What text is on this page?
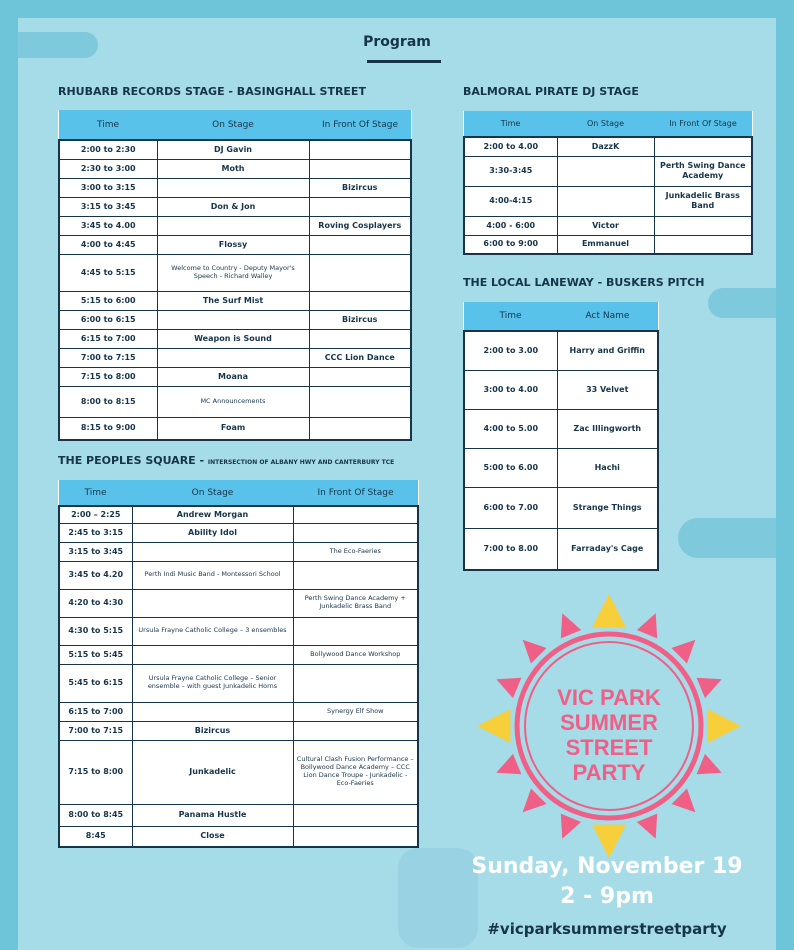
Program
RHUBARB RECORDS STAGE - BASINGHALL STREET
Time	On Stage	In Front Of Stage
2:00 to 2:30	DJ Gavin	
2:30 to 3:00	Moth	
3:00 to 3:15		Bizircus
3:15 to 3:45	Don & Jon	
3:45 to 4.00		Roving Cosplayers
4:00 to 4:45	Flossy	
4:45 to 5:15	Welcome to Country - Deputy Mayor's Speech - Richard Walley	
5:15 to 6:00	The Surf Mist	
6:00 to 6:15		Bizircus
6:15 to 7:00	Weapon is Sound	
7:00 to 7:15		CCC Lion Dance
7:15 to 8:00	Moana	
8:00 to 8:15	MC Announcements	
8:15 to 9:00	Foam	
THE PEOPLES SQUARE - INTERSECTION OF ALBANY HWY AND CANTERBURY TCE
Time	On Stage	In Front Of Stage
2:00 – 2:25	Andrew Morgan	
2:45 to 3:15	Ability Idol	
3:15 to 3:45		The Eco-Faeries
3:45 to 4.20	Perth Indi Music Band - Montessori School	
4:20 to 4:30		Perth Swing Dance Academy + Junkadelic Brass Band
4:30 to 5:15	Ursula Frayne Catholic College – 3 ensembles	
5:15 to 5:45		Bollywood Dance Workshop
5:45 to 6:15	Ursula Frayne Catholic College – Senior ensemble – with guest Junkadelic Horns	
6:15 to 7:00		Synergy Elf Show
7:00 to 7:15	Bizircus	
7:15 to 8:00	Junkadelic	Cultural Clash Fusion Performance – Bollywood Dance Academy – CCC Lion Dance Troupe - Junkadelic - Eco-Faeries
8:00 to 8:45	Panama Hustle	
8:45	Close	
BALMORAL PIRATE DJ STAGE
Time	On Stage	In Front Of Stage
2:00 to 4.00	DazzK	
3:30-3:45		Perth Swing Dance Academy
4:00-4:15		Junkadelic Brass Band
4:00 - 6:00	Victor	
6:00 to 9:00	Emmanuel	
THE LOCAL LANEWAY - BUSKERS PITCH
Time	Act Name
2:00 to 3.00	Harry and Griffin
3:00 to 4.00	33 Velvet
4:00 to 5.00	Zac Illingworth
5:00 to 6.00	Hachi
6:00 to 7.00	Strange Things
7:00 to 8.00	Farraday's Cage
VIC PARK
SUMMER
STREET
PARTY
Sunday, November 19
2 - 9pm
#vicparksummerstreetparty
